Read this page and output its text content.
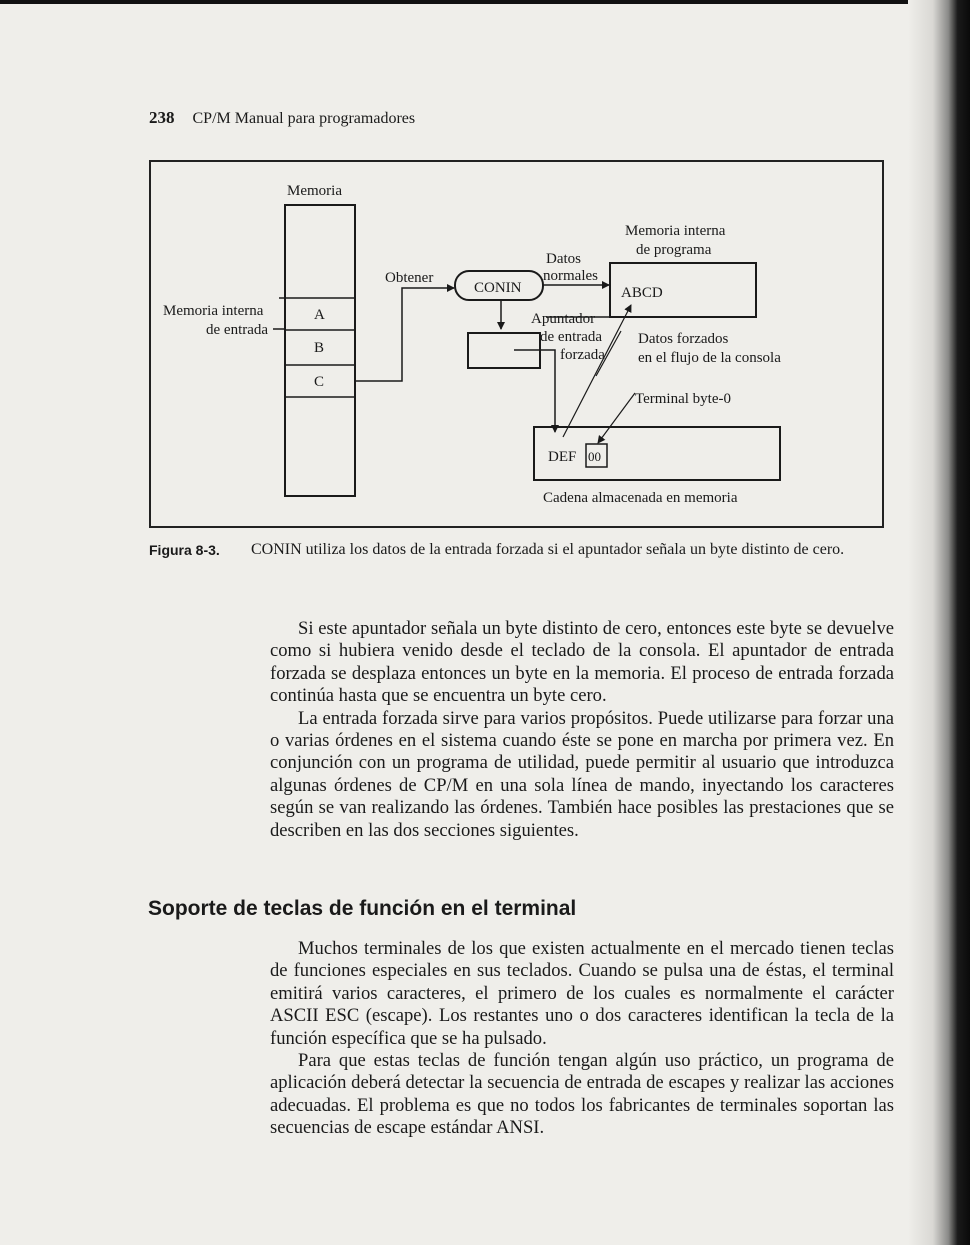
238 CP/M Manual para programadores
Memoria
A
B
C
Memoria interna
de entrada
Obtener
CONIN
Datos
normales
Memoria interna
de programa
ABCD
Apuntador
de entrada
forzada
Datos forzados
en el flujo de la consola
Terminal byte-0
DEF 00
Cadena almacenada en memoria
Figura 8-3. CONIN utiliza los datos de la entrada forzada si el apuntador señala un byte distinto de cero.

Si este apuntador señala un byte distinto de cero, entonces este byte se devuelve como si hubiera venido desde el teclado de la consola. El apuntador de entrada forzada se desplaza entonces un byte en la memoria. El proceso de entrada forzada continúa hasta que se encuentra un byte cero.

La entrada forzada sirve para varios propósitos. Puede utilizarse para forzar una o varias órdenes en el sistema cuando éste se pone en marcha por primera vez. En conjunción con un programa de utilidad, puede permitir al usuario que introduzca algunas órdenes de CP/M en una sola línea de mando, inyectando los caracteres según se van realizando las órdenes. También hace posibles las prestaciones que se describen en las dos secciones siguientes.

Soporte de teclas de función en el terminal

Muchos terminales de los que existen actualmente en el mercado tienen teclas de funciones especiales en sus teclados. Cuando se pulsa una de éstas, el terminal emitirá varios caracteres, el primero de los cuales es normalmente el carácter ASCII ESC (escape). Los restantes uno o dos caracteres identifican la tecla de la función específica que se ha pulsado.

Para que estas teclas de función tengan algún uso práctico, un programa de aplicación deberá detectar la secuencia de entrada de escapes y realizar las acciones adecuadas. El problema es que no todos los fabricantes de terminales soportan las secuencias de escape estándar ANSI.
